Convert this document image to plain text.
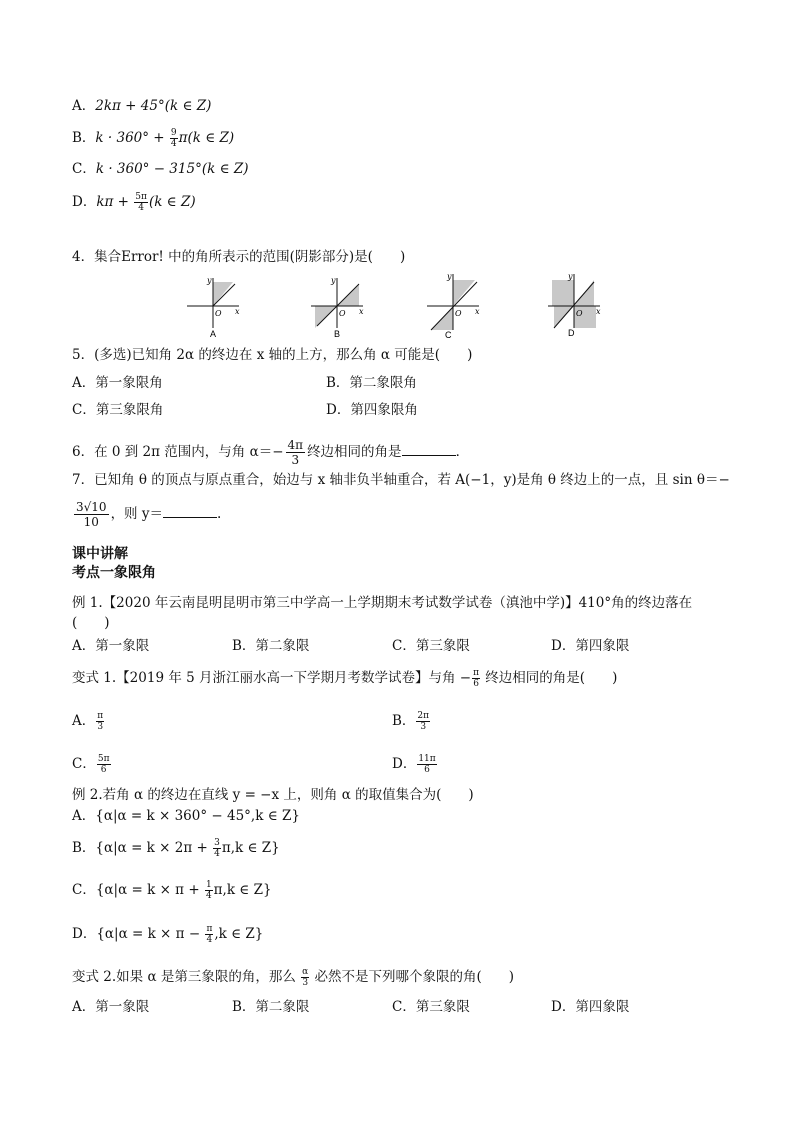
A．2kπ + 45°(k ∈ Z)
B．$k \cdot 360^\circ + \frac{9}{4} \pi(k$ ∈ Z)
C．k · 360° − 315°(k ∈ Z)
D．$k\pi + \frac{5\pi}{4} (k$ ∈ Z)
4．集合Error! 中的角所表示的范围(阴影部分)是(　　)
y
x
O
A
y
x
O
B
y
x
O
C
y
x
O
D
5．(多选)已知角 2α 的终边在 x 轴的上方，那么角 α 可能是(　　)
A．第一象限角	B．第二象限角
C．第三象限角	D．第四象限角
6．在 0 到 2π 范围内，与角 $\alpha=- \frac{4\pi}{3}$ 终边相同的角是	．
7．已知角 θ 的顶点与原点重合，始边与 x 轴非负半轴重合，若 A(−1，y)是角 θ 终边上的一点，且 sin θ＝−
$\frac{3√10}{10}$ ，则 y＝	.
课中讲解
考点一象限角
例 1.【2020 年云南昆明昆明市第三中学高一上学期期末考试数学试卷（滇池中学)】410°角的终边落在
(　　)
A．第一象限	B．第二象限	C．第三象限	D．第四象限
变式 1.【2019 年 5 月浙江丽水高一下学期月考数学试卷】与角 − $\frac{\pi}{6}$ 终边相同的角是(　　)
A． $\frac{\pi}{3}$	B． $\frac{2\pi}{3}$
C． $\frac{5\pi}{6}$	D． $\frac{11\pi}{6}$
例 2.若角 α 的终边在直线 y = −x 上，则角 α 的取值集合为(　　)
A．{α|α = k × 360° − 45°,k ∈ Z}
B．{$\alpha|\alpha = k \times 2\pi + \frac{3}{4} \pi,k$ ∈ Z}
C．{$\alpha|\alpha = k \times \pi + \frac{1}{4} \pi,k$ ∈ Z}
D．{$\alpha|\alpha = k \times \pi - \frac{\pi}{4} ,k$ ∈ Z}
变式 2.如果 α 是第三象限的角，那么 $\frac{\alpha}{3}$ 必然不是下列哪个象限的角(　　)
A．第一象限	B．第二象限	C．第三象限	D．第四象限
